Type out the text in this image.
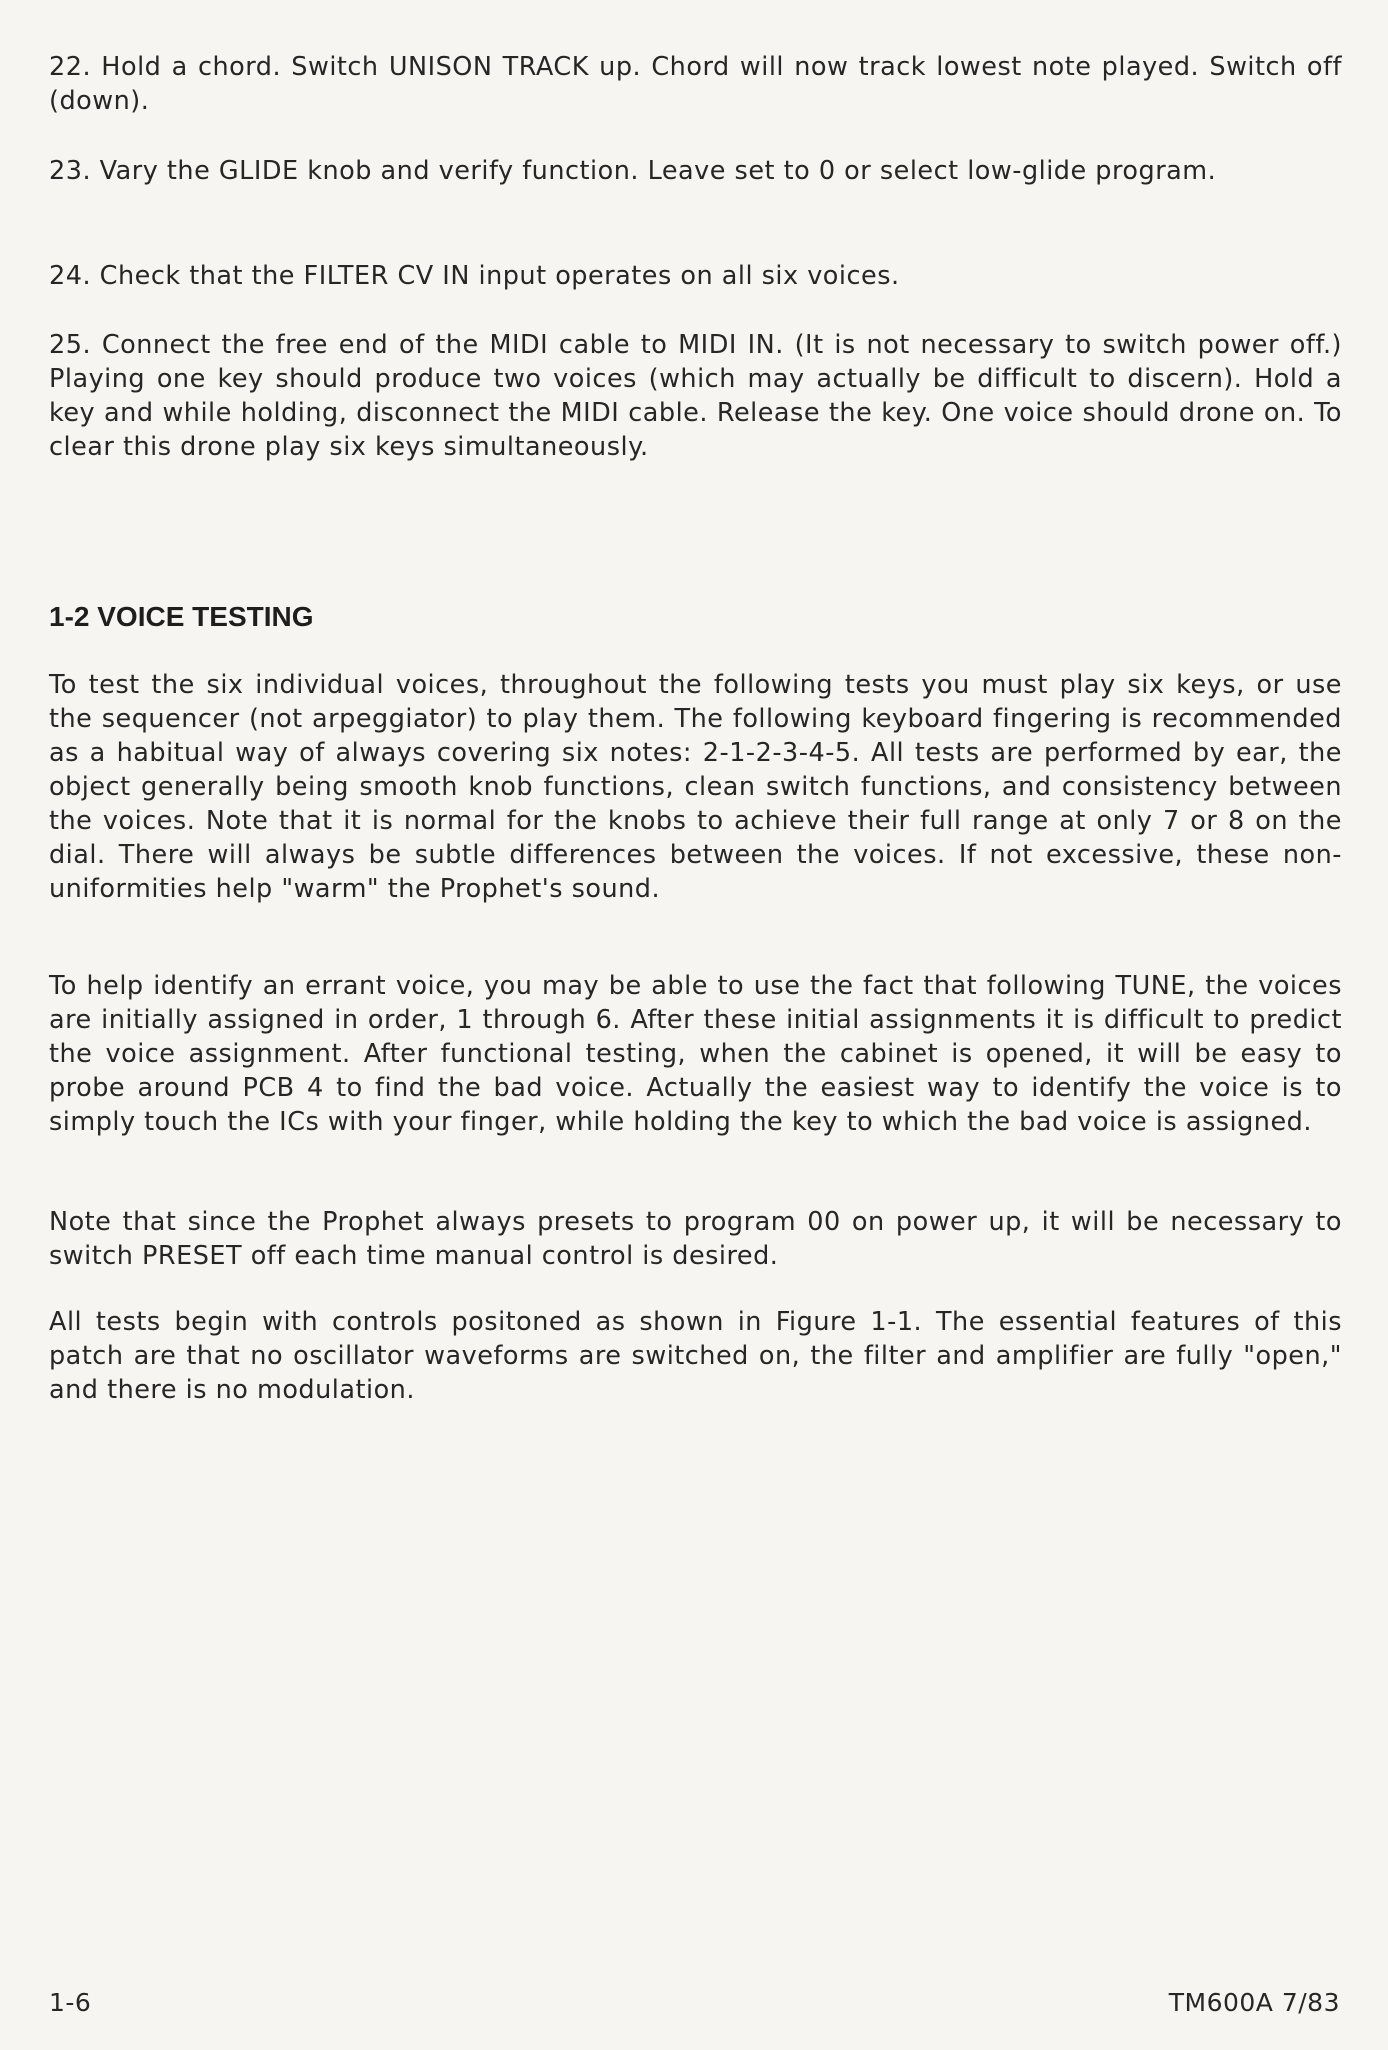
22. Hold a chord. Switch UNISON TRACK up. Chord will now track lowest note played. Switch off (down).

23. Vary the GLIDE knob and verify function. Leave set to 0 or select low-glide program.

24. Check that the FILTER CV IN input operates on all six voices.

25. Connect the free end of the MIDI cable to MIDI IN. (It is not necessary to switch power off.) Playing one key should produce two voices (which may actually be difficult to discern). Hold a key and while holding, disconnect the MIDI cable. Release the key. One voice should drone on. To clear this drone play six keys simultaneously.

1-2 VOICE TESTING

To test the six individual voices, throughout the following tests you must play six keys, or use the sequencer (not arpeggiator) to play them. The following keyboard fingering is recommended as a habitual way of always covering six notes: 2-1-2-3-4-5. All tests are performed by ear, the object generally being smooth knob functions, clean switch functions, and consistency between the voices. Note that it is normal for the knobs to achieve their full range at only 7 or 8 on the dial. There will always be subtle differences between the voices. If not excessive, these non-uniformities help "warm" the Prophet's sound.

To help identify an errant voice, you may be able to use the fact that following TUNE, the voices are initially assigned in order, 1 through 6. After these initial assignments it is difficult to predict the voice assignment. After functional testing, when the cabinet is opened, it will be easy to probe around PCB 4 to find the bad voice. Actually the easiest way to identify the voice is to simply touch the ICs with your finger, while holding the key to which the bad voice is assigned.

Note that since the Prophet always presets to program 00 on power up, it will be necessary to switch PRESET off each time manual control is desired.

All tests begin with controls positoned as shown in Figure 1-1. The essential features of this patch are that no oscillator waveforms are switched on, the filter and amplifier are fully "open," and there is no modulation.

1-6	TM600A 7/83
